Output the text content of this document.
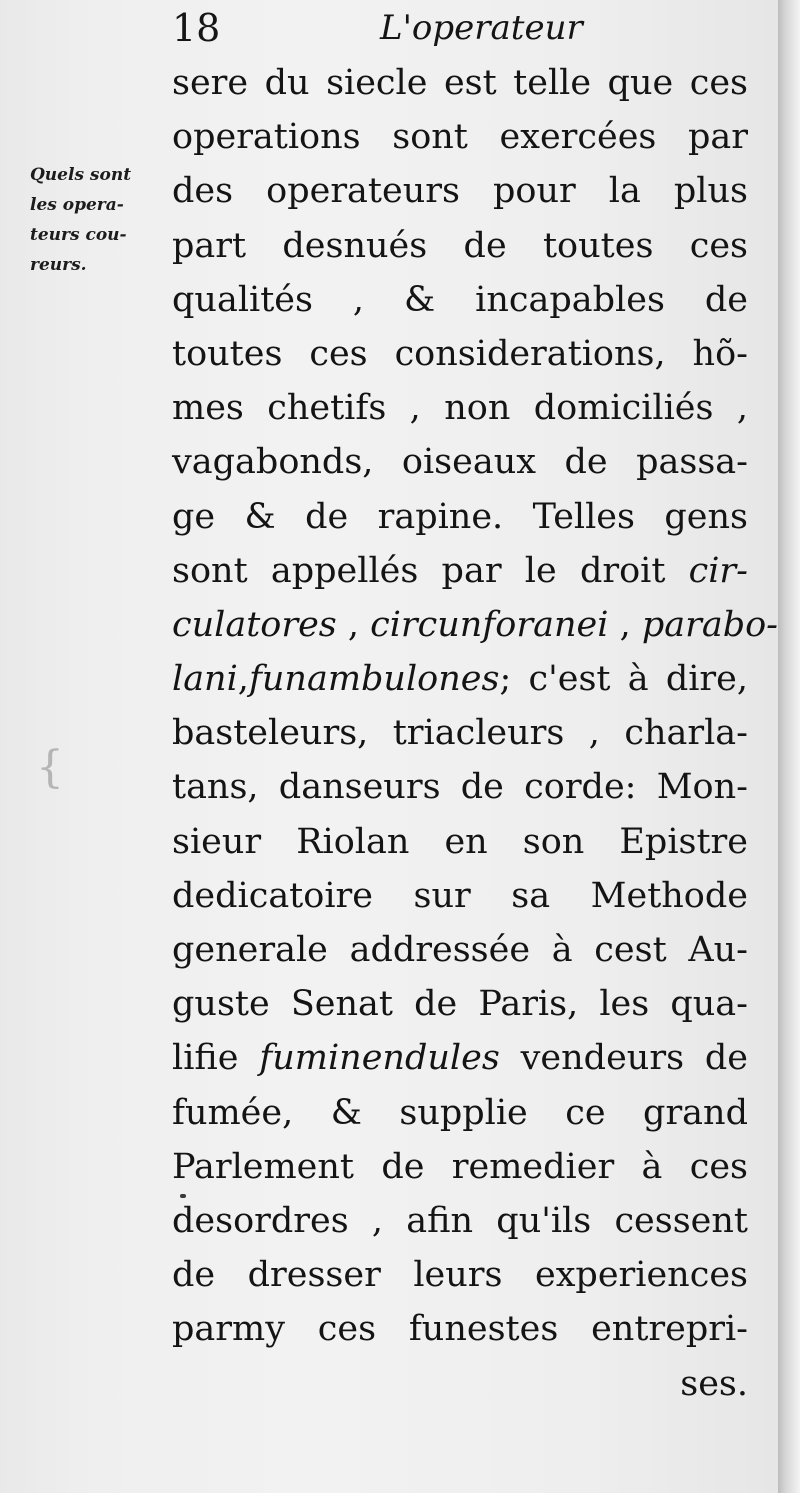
18	L'operateur
Quels sont
les opera-
teurs cou-
reurs.
sere du siecle est telle que ces
operations sont exercées par
des operateurs pour la plus
part desnués de toutes ces
qualités , & incapables de
toutes ces considerations, hõ-
mes chetifs , non domiciliés ,
vagabonds, oiseaux de passa-
ge & de rapine. Telles gens
sont appellés par le droit cir-
culatores , circunforanei , parabo-
lani,funambulones; c'est à dire,
basteleurs, triacleurs , charla-
tans, danseurs de corde: Mon-
sieur Riolan en son Epistre
dedicatoire sur sa Methode
generale addressée à cest Au-
guste Senat de Paris, les qua-
lifie fuminendules vendeurs de
fumée, & supplie ce grand
Parlement de remedier à ces
desordres , afin qu'ils cessent
de dresser leurs experiences
parmy ces funestes entrepri-
ses.
{
